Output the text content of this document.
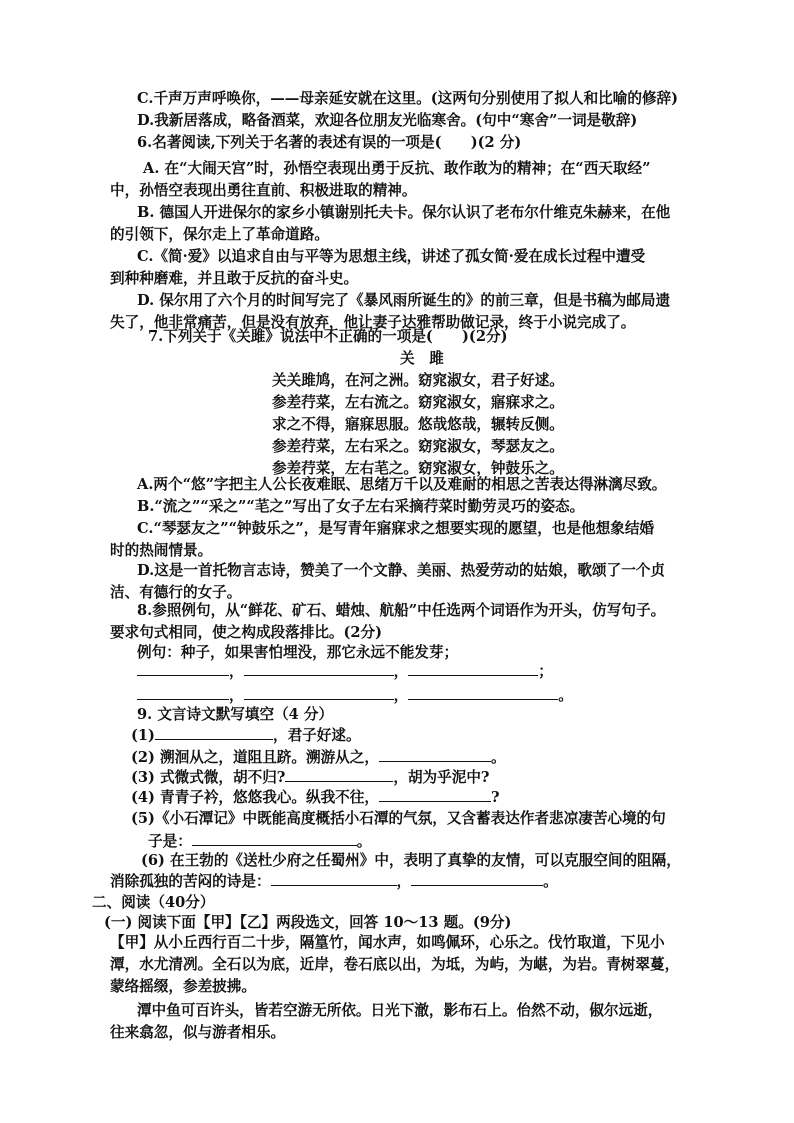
C.千声万声呼唤你，——母亲延安就在这里。(这两句分别使用了拟人和比喻的修辞)
D.我新居落成，略备酒菜，欢迎各位朋友光临寒舍。(句中“寒舍”一词是敬辞)
6.名著阅读,下列关于名著的表述有误的一项是(　　)(2 分)
A. 在“大闹天宫”时，孙悟空表现出勇于反抗、敢作敢为的精神；在“西天取经”
中，孙悟空表现出勇往直前、积极进取的精神。
B. 德国人开进保尔的家乡小镇谢别托夫卡。保尔认识了老布尔什维克朱赫来，在他
的引领下，保尔走上了革命道路。
C.《简·爱》以追求自由与平等为思想主线，讲述了孤女简·爱在成长过程中遭受
到种种磨难，并且敢于反抗的奋斗史。
D. 保尔用了六个月的时间写完了《暴风雨所诞生的》的前三章，但是书稿为邮局遗
失了，他非常痛苦，但是没有放弃，他让妻子达雅帮助做记录，终于小说完成了。
7.下列关于《关雎》说法中不正确的一项是(　　)(2分)
关　雎
关关雎鸠，在河之洲。窈窕淑女，君子好逑。
参差荇菜，左右流之。窈窕淑女，寤寐求之。
求之不得，寤寐思服。悠哉悠哉，辗转反侧。
参差荇菜，左右采之。窈窕淑女，琴瑟友之。
参差荇菜，左右芼之。窈窕淑女，钟鼓乐之。
A.两个“悠”字把主人公长夜难眠、思绪万千以及难耐的相思之苦表达得淋漓尽致。
B.“流之”“采之”“芼之”写出了女子左右采摘荇菜时勤劳灵巧的姿态。
C.“琴瑟友之”“钟鼓乐之”，是写青年寤寐求之想要实现的愿望，也是他想象结婚
时的热闹情景。
D.这是一首托物言志诗，赞美了一个文静、美丽、热爱劳动的姑娘，歌颂了一个贞
洁、有德行的女子。
8.参照例句，从“鲜花、矿石、蜡烛、航船”中任选两个词语作为开头，仿写句子。
要求句式相同，使之构成段落排比。(2分)
例句：种子，如果害怕埋没，那它永远不能发芽；
，	，	；
，	，	。
9. 文言诗文默写填空（4 分）
(1)	，君子好逑。
(2) 溯洄从之，道阻且跻。溯游从之，	。
(3) 式微式微，胡不归?	，胡为乎泥中?
(4) 青青子衿，悠悠我心。纵我不往，	?
(5)《小石潭记》中既能高度概括小石潭的气氛，又含蓄表达作者悲凉凄苦心境的句
子是：	。
(6) 在王勃的《送杜少府之任蜀州》中，表明了真挚的友情，可以克服空间的阻隔，
消除孤独的苦闷的诗是：	，	。
二、阅读（40分）
(一) 阅读下面【甲】【乙】两段选文，回答 10～13 题。(9分)
【甲】从小丘西行百二十步，隔篁竹，闻水声，如鸣佩环，心乐之。伐竹取道，下见小
潭，水尤清冽。全石以为底，近岸，卷石底以出，为坻，为屿，为嵁，为岩。青树翠蔓，
蒙络摇缀，参差披拂。
潭中鱼可百许头，皆若空游无所依。日光下澈，影布石上。佁然不动，俶尔远逝，
往来翕忽，似与游者相乐。
